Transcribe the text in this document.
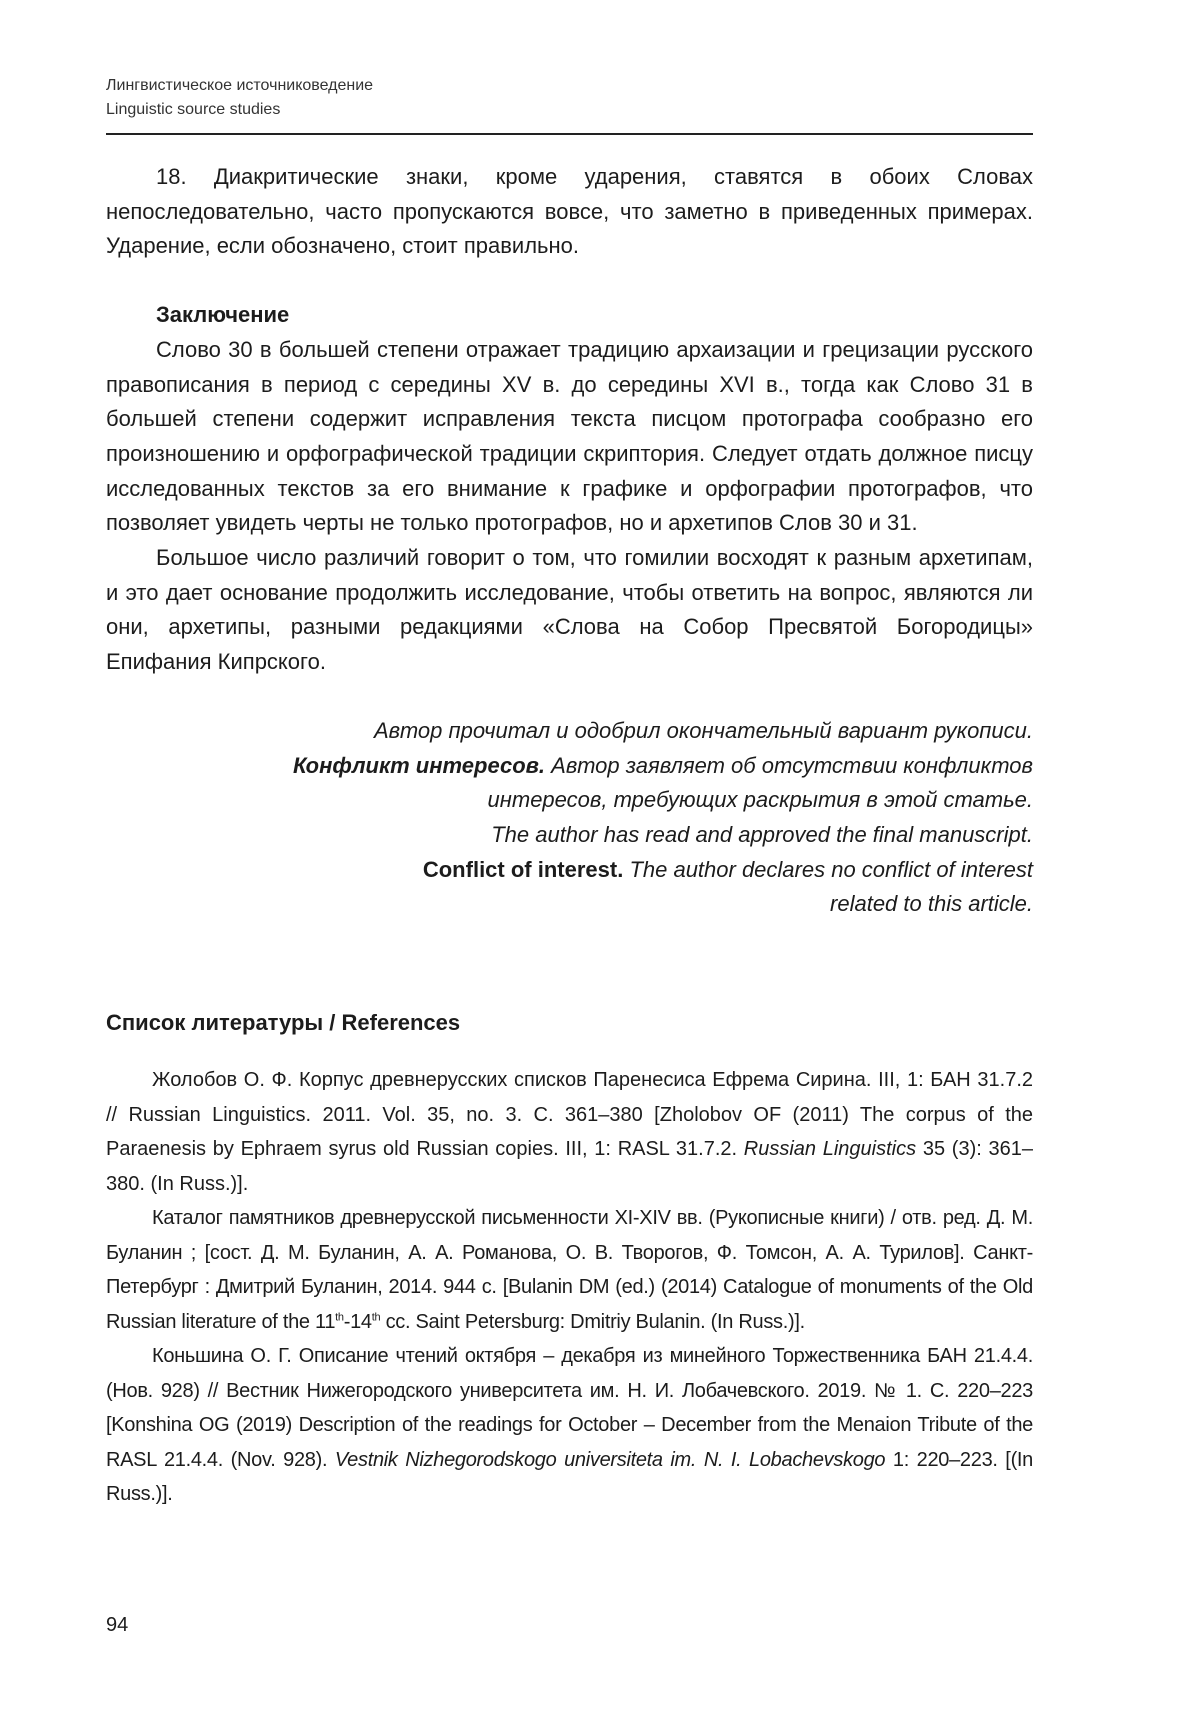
Лингвистическое источниковедение
Linguistic source studies

18. Диакритические знаки, кроме ударения, ставятся в обоих Словах непоследовательно, часто пропускаются вовсе, что заметно в приведенных примерах. Ударение, если обозначено, стоит правильно.

Заключение

Слово 30 в большей степени отражает традицию архаизации и грецизации русского правописания в период с середины XV в. до середины XVI в., тогда как Слово 31 в большей степени содержит исправления текста писцом протографа сообразно его произношению и орфографической традиции скриптория. Следует отдать должное писцу исследованных текстов за его внимание к графике и орфографии протографов, что позволяет увидеть черты не только протографов, но и архетипов Слов 30 и 31.

Большое число различий говорит о том, что гомилии восходят к разным архетипам, и это дает основание продолжить исследование, чтобы ответить на вопрос, являются ли они, архетипы, разными редакциями «Слова на Собор Пресвятой Богородицы» Епифания Кипрского.

Автор прочитал и одобрил окончательный вариант рукописи.
Конфликт интересов. Автор заявляет об отсутствии конфликтов
интересов, требующих раскрытия в этой статье.
The author has read and approved the final manuscript.
Conflict of interest. The author declares no conflict of interest
related to this article.
Список литературы / References

Жолобов О. Ф. Корпус древнерусских списков Паренесиса Ефрема Сирина. III, 1: БАН 31.7.2 // Russian Linguistics. 2011. Vol. 35, no. 3. С. 361–380 [Zholobov OF (2011) The corpus of the Paraenesis by Ephraem syrus old Russian copies. III, 1: RASL 31.7.2. Russian Linguistics 35 (3): 361–380. (In Russ.)].

Каталог памятников древнерусской письменности XI-XIV вв. (Рукописные книги) / отв. ред. Д. М. Буланин ; [сост. Д. М. Буланин, А. А. Романова, О. В. Творогов, Ф. Томсон, А. А. Турилов]. Санкт-Петербург : Дмитрий Буланин, 2014. 944 с. [Bulanin DM (ed.) (2014) Catalogue of monuments of the Old Russian literature of the 11th-14th cc. Saint Petersburg: Dmitriy Bulanin. (In Russ.)].

Коньшина О. Г. Описание чтений октября – декабря из минейного Торжественника БАН 21.4.4. (Нов. 928) // Вестник Нижегородского университета им. Н. И. Лобачевского. 2019. № 1. С. 220–223 [Konshina OG (2019) Description of the readings for October – December from the Menaion Tribute of the RASL 21.4.4. (Nov. 928). Vestnik Nizhegorodskogo universiteta im. N. I. Lobachevskogo 1: 220–223. [(In Russ.)].

94
